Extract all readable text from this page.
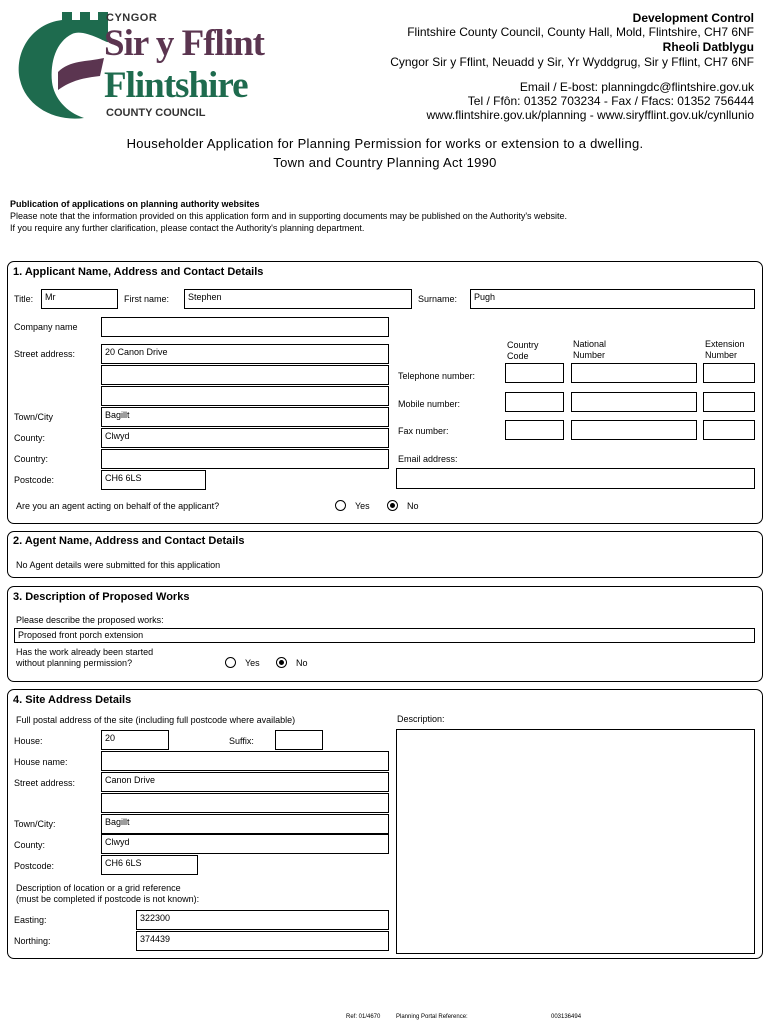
CYNGOR
Sir y Fflint
Flintshire
COUNTY COUNCIL
Development Control
Flintshire County Council, County Hall, Mold, Flintshire, CH7 6NF
Rheoli Datblygu
Cyngor Sir y Fflint, Neuadd y Sir, Yr Wyddgrug, Sir y Fflint, CH7 6NF
Email / E-bost: planningdc@flintshire.gov.uk
Tel / Ffôn: 01352 703234 - Fax / Ffacs: 01352 756444
www.flintshire.gov.uk/planning - www.siryfflint.gov.uk/cynllunio
Householder Application for Planning Permission for works or extension to a dwelling.
Town and Country Planning Act 1990
Publication of applications on planning authority websites
Please note that the information provided on this application form and in supporting documents may be published on the Authority's website.
If you require any further clarification, please contact the Authority's planning department.
1. Applicant Name, Address and Contact Details
Title:	Mr	First name:	Stephen	Surname:	Pugh
Company name
Street address:	20 Canon Drive
Town/City	Bagillt
County:	Clwyd
Country:
Postcode:	CH6 6LS
Country
Code
National
Number
Extension
Number
Telephone number:
Mobile number:
Fax number:
Email address:
Are you an agent acting on behalf of the applicant?	Yes	No
2. Agent Name, Address and Contact Details
No Agent details were submitted for this application
3. Description of Proposed Works
Please describe the proposed works:
Proposed front porch extension
Has the work already been started
without planning permission?	Yes	No
4. Site Address Details
Full postal address of the site (including full postcode where available)	Description:
House:	20	Suffix:
House name:
Street address:	Canon Drive
Town/City:	Bagillt
County:	Clwyd
Postcode:	CH6 6LS
Description of location or a grid reference
(must be completed if postcode is not known):
Easting:	322300
Northing:	374439
Ref: 01/4670	Planning Portal Reference:	003136494
